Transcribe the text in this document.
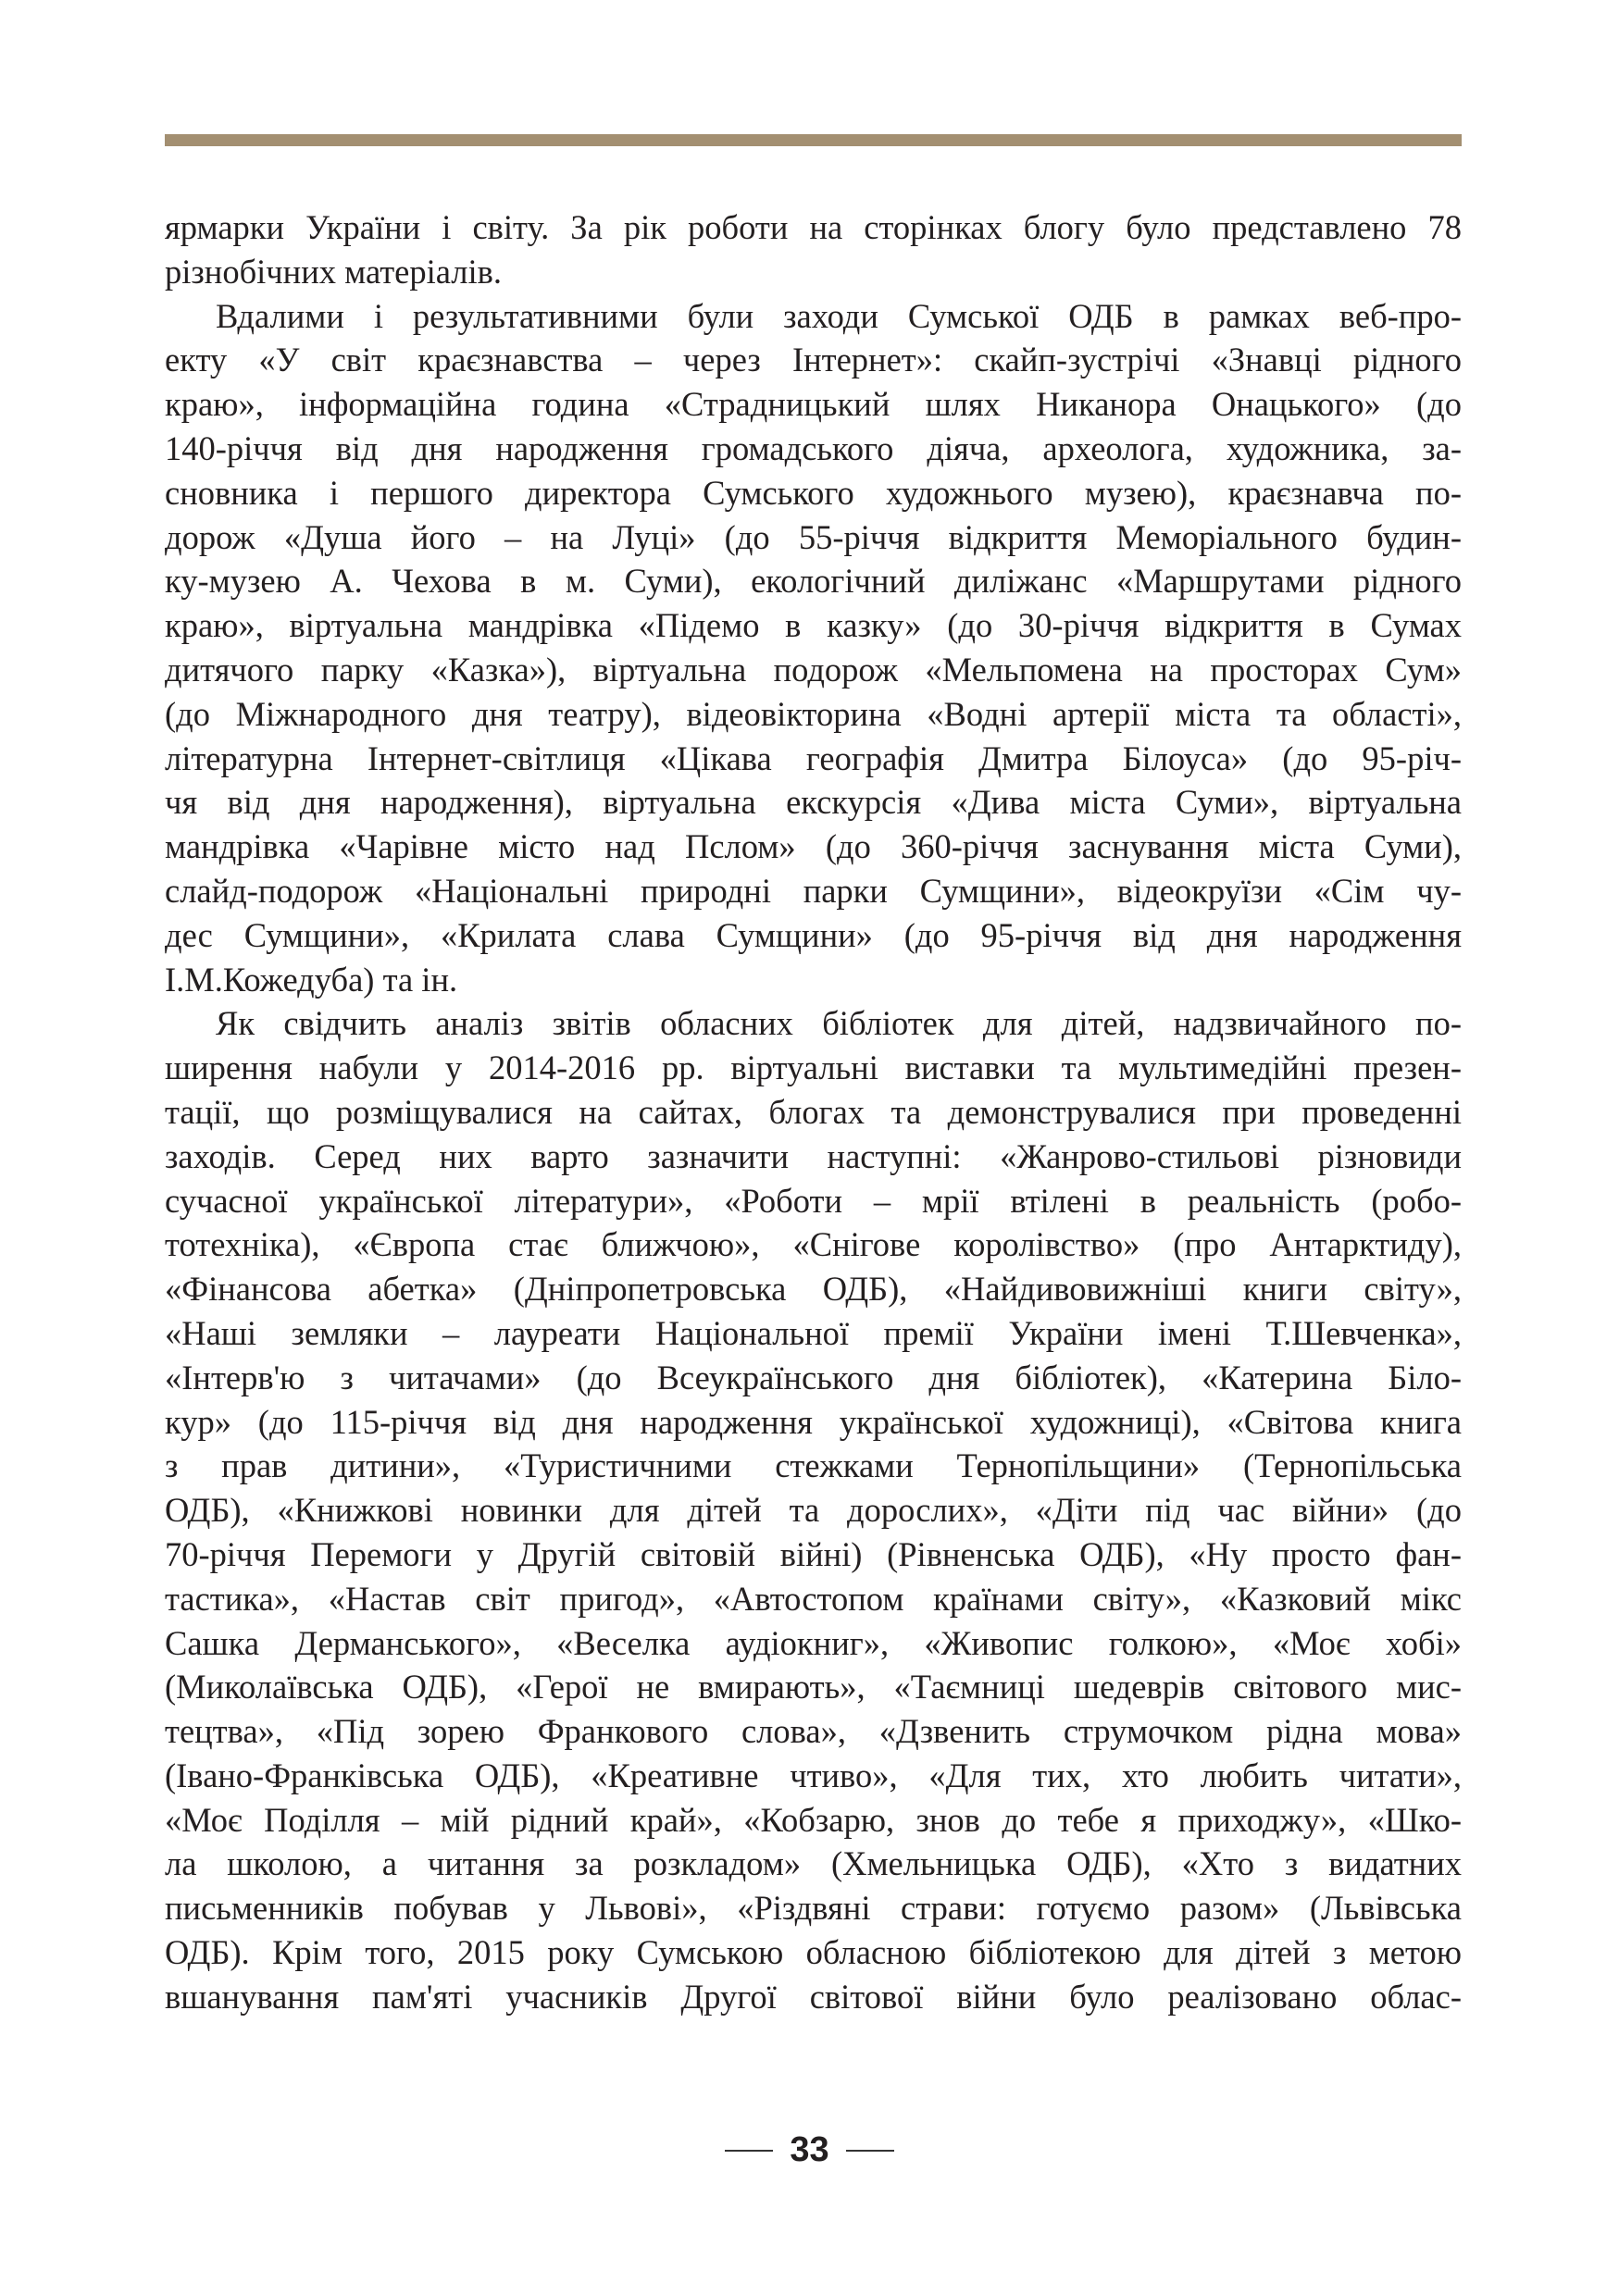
ярмарки України і світу. За рік роботи на сторінках блогу було представлено 78
різнобічних матеріалів.
Вдалими і результативними були заходи Сумської ОДБ в рамках веб-про-
екту «У світ краєзнавства – через Інтернет»: скайп-зустрічі «Знавці рідного
краю», інформаційна година «Страдницький шлях Никанора Онацького» (до
140-річчя від дня народження громадського діяча, археолога, художника, за-
сновника і першого директора Сумського художнього музею), краєзнавча по-
дорож «Душа його – на Луці» (до 55-річчя відкриття Меморіального будин-
ку-музею А. Чехова в м. Суми), екологічний диліжанс «Маршрутами рідного
краю», віртуальна мандрівка «Підемо в казку» (до 30-річчя відкриття в Сумах
дитячого парку «Казка»), віртуальна подорож «Мельпомена на просторах Сум»
(до Міжнародного дня театру), відеовікторина «Водні артерії міста та області»,
літературна Інтернет-світлиця «Цікава географія Дмитра Білоуса» (до 95-річ-
чя від дня народження), віртуальна екскурсія «Дива міста Суми», віртуальна
мандрівка «Чарівне місто над Пслом» (до 360-річчя заснування міста Суми),
слайд-подорож «Національні природні парки Сумщини», відеокруїзи «Сім чу-
дес Сумщини», «Крилата слава Сумщини» (до 95-річчя від дня народження
І.М.Кожедуба) та ін.
Як свідчить аналіз звітів обласних бібліотек для дітей, надзвичайного по-
ширення набули у 2014-2016 рр. віртуальні виставки та мультимедійні презен-
тації, що розміщувалися на сайтах, блогах та демонструвалися при проведенні
заходів. Серед них варто зазначити наступні: «Жанрово-стильові різновиди
сучасної української літератури», «Роботи – мрії втілені в реальність (робо-
тотехніка), «Європа стає ближчою», «Снігове королівство» (про Антарктиду),
«Фінансова абетка» (Дніпропетровська ОДБ), «Найдивовижніші книги світу»,
«Наші земляки – лауреати Національної премії України імені Т.Шевченка»,
«Інтерв'ю з читачами» (до Всеукраїнського дня бібліотек), «Катерина Біло-
кур» (до 115-річчя від дня народження української художниці), «Світова книга
з прав дитини», «Туристичними стежками Тернопільщини» (Тернопільська
ОДБ), «Книжкові новинки для дітей та дорослих», «Діти під час війни» (до
70-річчя Перемоги у Другій світовій війні) (Рівненська ОДБ), «Ну просто фан-
тастика», «Настав світ пригод», «Автостопом країнами світу», «Казковий мікс
Сашка Дерманського», «Веселка аудіокниг», «Живопис голкою», «Моє хобі»
(Миколаївська ОДБ), «Герої не вмирають», «Таємниці шедеврів світового мис-
тецтва», «Під зорею Франкового слова», «Дзвенить струмочком рідна мова»
(Івано-Франківська ОДБ), «Креативне чтиво», «Для тих, хто любить читати»,
«Моє Поділля – мій рідний край», «Кобзарю, знов до тебе я приходжу», «Шко-
ла школою, а читання за розкладом» (Хмельницька ОДБ), «Хто з видатних
письменників побував у Львові», «Різдвяні страви: готуємо разом» (Львівська
ОДБ). Крім того, 2015 року Сумською обласною бібліотекою для дітей з метою
вшанування пам'яті учасників Другої світової війни було реалізовано облас-
33
